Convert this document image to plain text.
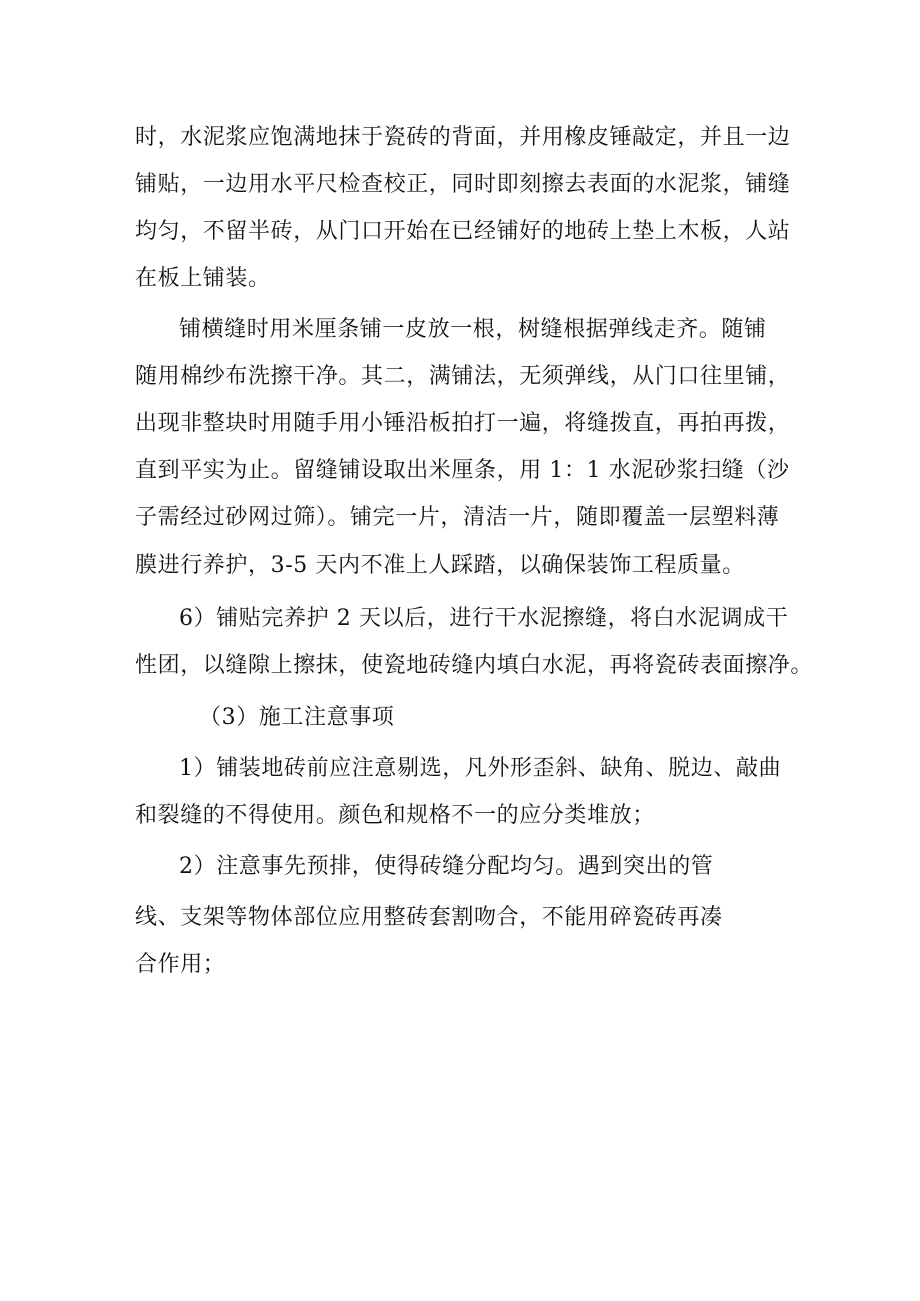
时，水泥浆应饱满地抹于瓷砖的背面，并用橡皮锤敲定，并且一边
铺贴，一边用水平尺检查校正，同时即刻擦去表面的水泥浆，铺缝
均匀，不留半砖，从门口开始在已经铺好的地砖上垫上木板，人站
在板上铺装。
铺横缝时用米厘条铺一皮放一根，树缝根据弹线走齐。随铺
随用棉纱布洗擦干净。其二，满铺法，无须弹线，从门口往里铺，
出现非整块时用随手用小锤沿板拍打一遍，将缝拨直，再拍再拨，
直到平实为止。留缝铺设取出米厘条，用 1：1 水泥砂浆扫缝（沙
子需经过砂网过筛）。铺完一片，清洁一片，随即覆盖一层塑料薄
膜进行养护，3-5 天内不准上人踩踏，以确保装饰工程质量。
6）铺贴完养护 2 天以后，进行干水泥擦缝，将白水泥调成干
性团，以缝隙上擦抹，使瓷地砖缝内填白水泥，再将瓷砖表面擦净。
（3）施工注意事项
1）铺装地砖前应注意剔选，凡外形歪斜、缺角、脱边、敲曲
和裂缝的不得使用。颜色和规格不一的应分类堆放；
2）注意事先预排，使得砖缝分配均匀。遇到突出的管
线、支架等物体部位应用整砖套割吻合，不能用碎瓷砖再凑
合作用；
